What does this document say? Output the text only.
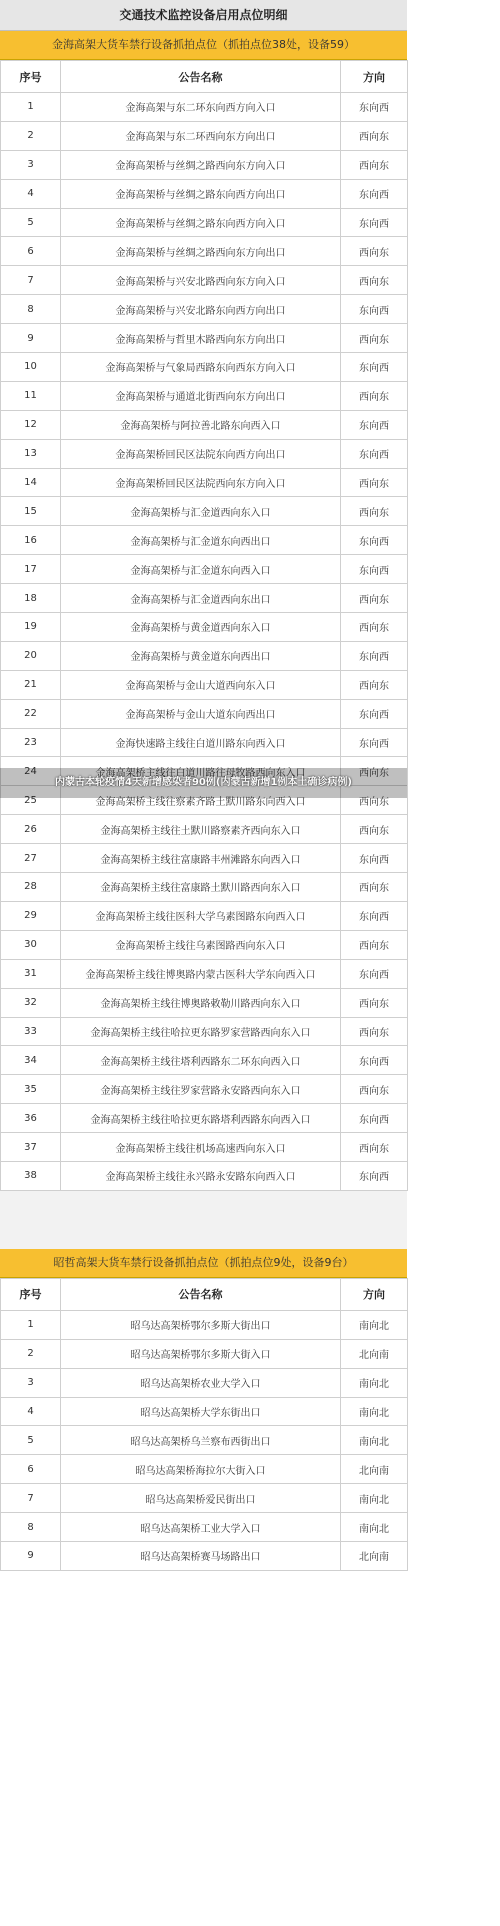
交通技术监控设备启用点位明细
金海高架大货车禁行设备抓拍点位（抓拍点位38处，设备59）
序号	公告名称	方向
1	金海高架与东二环东向西方向入口	东向西
2	金海高架与东二环西向东方向出口	西向东
3	金海高架桥与丝绸之路西向东方向入口	西向东
4	金海高架桥与丝绸之路东向西方向出口	东向西
5	金海高架桥与丝绸之路东向西方向入口	东向西
6	金海高架桥与丝绸之路西向东方向出口	西向东
7	金海高架桥与兴安北路西向东方向入口	西向东
8	金海高架桥与兴安北路东向西方向出口	东向西
9	金海高架桥与哲里木路西向东方向出口	西向东
10	金海高架桥与气象局西路东向西东方向入口	东向西
11	金海高架桥与通道北街西向东方向出口	西向东
12	金海高架桥与阿拉善北路东向西入口	东向西
13	金海高架桥回民区法院东向西方向出口	东向西
14	金海高架桥回民区法院西向东方向入口	西向东
15	金海高架桥与汇金道西向东入口	西向东
16	金海高架桥与汇金道东向西出口	东向西
17	金海高架桥与汇金道东向西入口	东向西
18	金海高架桥与汇金道西向东出口	西向东
19	金海高架桥与黄金道西向东入口	西向东
20	金海高架桥与黄金道东向西出口	东向西
21	金海高架桥与金山大道西向东入口	西向东
22	金海高架桥与金山大道东向西出口	东向西
23	金海快速路主线往白道川路东向西入口	东向西
24	金海高架桥主线往白道川路往母牧路西向东入口	西向东
25	金海高架桥主线往察素齐路土默川路东向西入口	西向东
26	金海高架桥主线往土默川路察素齐西向东入口	西向东
27	金海高架桥主线往富康路丰州滩路东向西入口	东向西
28	金海高架桥主线往富康路土默川路西向东入口	西向东
29	金海高架桥主线往医科大学乌素图路东向西入口	东向西
30	金海高架桥主线往乌素图路西向东入口	西向东
31	金海高架桥主线往博奥路内蒙古医科大学东向西入口	东向西
32	金海高架桥主线往博奥路敕勒川路西向东入口	西向东
33	金海高架桥主线往哈拉更东路罗家营路西向东入口	西向东
34	金海高架桥主线往塔利西路东二环东向西入口	东向西
35	金海高架桥主线往罗家营路永安路西向东入口	西向东
36	金海高架桥主线往哈拉更东路塔利西路东向西入口	东向西
37	金海高架桥主线往机场高速西向东入口	西向东
38	金海高架桥主线往永兴路永安路东向西入口	东向西
昭哲高架大货车禁行设备抓拍点位（抓拍点位9处，设备9台）
序号	公告名称	方向
1	昭乌达高架桥鄂尔多斯大街出口	南向北
2	昭乌达高架桥鄂尔多斯大街入口	北向南
3	昭乌达高架桥农业大学入口	南向北
4	昭乌达高架桥大学东街出口	南向北
5	昭乌达高架桥乌兰察布西街出口	南向北
6	昭乌达高架桥海拉尔大街入口	北向南
7	昭乌达高架桥爱民街出口	南向北
8	昭乌达高架桥工业大学入口	南向北
9	昭乌达高架桥赛马场路出口	北向南
内蒙古本轮疫情4天新增感染者90例(内蒙古新增1例本土确诊病例)
